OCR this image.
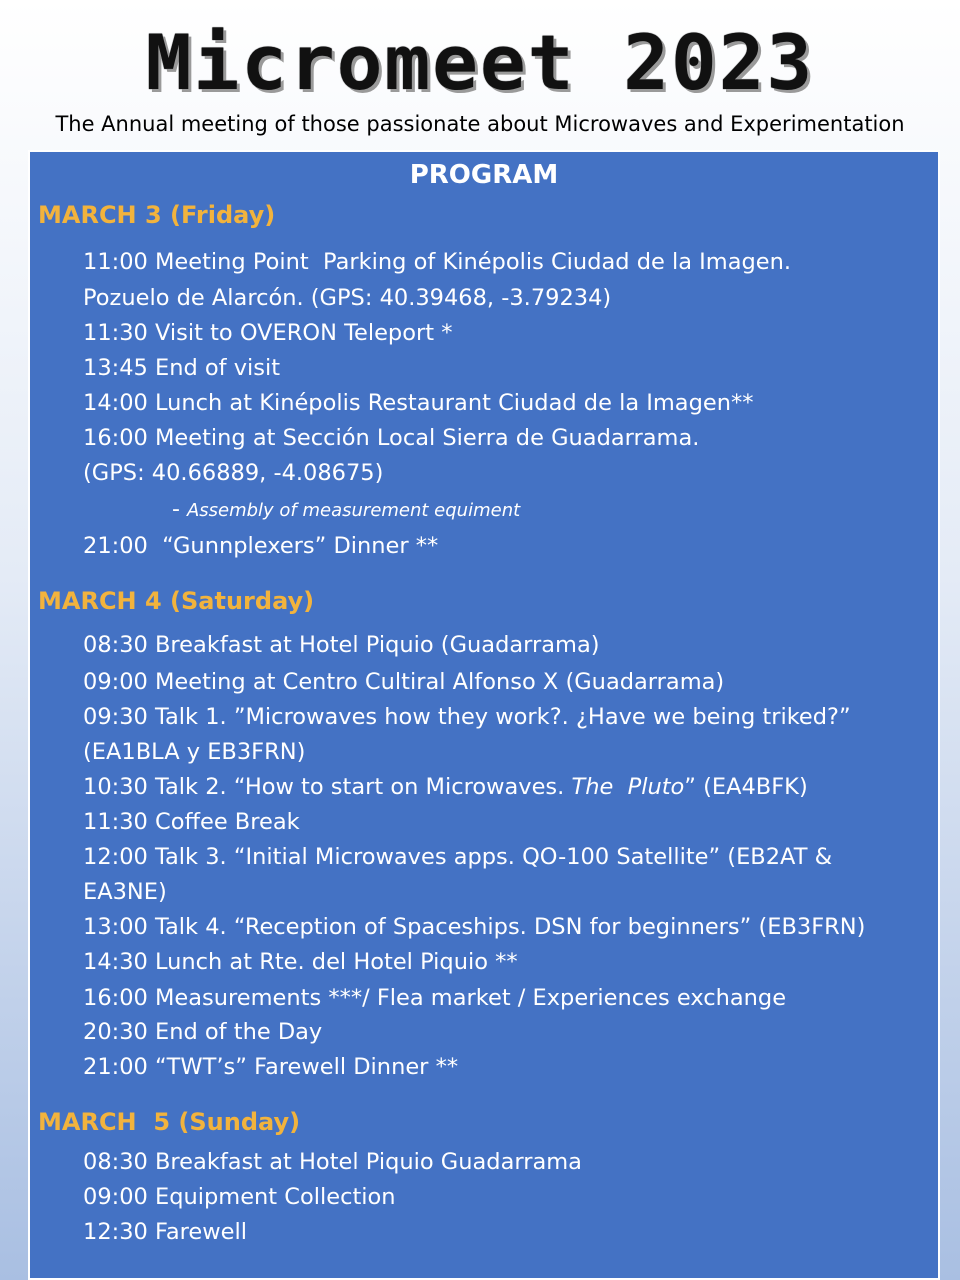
Micromeet 2023
The Annual meeting of those passionate about Microwaves and Experimentation
PROGRAM
MARCH 3 (Friday)
11:00 Meeting Point  Parking of Kinépolis Ciudad de la Imagen.
Pozuelo de Alarcón. (GPS: 40.39468, -3.79234)
11:30 Visit to OVERON Teleport *
13:45 End of visit
14:00 Lunch at Kinépolis Restaurant Ciudad de la Imagen**
16:00 Meeting at Sección Local Sierra de Guadarrama.
(GPS: 40.66889, -4.08675)
- Assembly of measurement equiment
21:00  “Gunnplexers” Dinner **
MARCH 4 (Saturday)
08:30 Breakfast at Hotel Piquio (Guadarrama)
09:00 Meeting at Centro Cultiral Alfonso X (Guadarrama)
09:30 Talk 1. ”Microwaves how they work?. ¿Have we being triked?”
(EA1BLA y EB3FRN)
10:30 Talk 2. “How to start on Microwaves. The  Pluto” (EA4BFK)
11:30 Coffee Break
12:00 Talk 3. “Initial Microwaves apps. QO-100 Satellite” (EB2AT &
EA3NE)
13:00 Talk 4. “Reception of Spaceships. DSN for beginners” (EB3FRN)
14:30 Lunch at Rte. del Hotel Piquio **
16:00 Measurements ***/ Flea market / Experiences exchange
20:30 End of the Day
21:00 “TWT’s” Farewell Dinner **
MARCH  5 (Sunday)
08:30 Breakfast at Hotel Piquio Guadarrama
09:00 Equipment Collection
12:30 Farewell
